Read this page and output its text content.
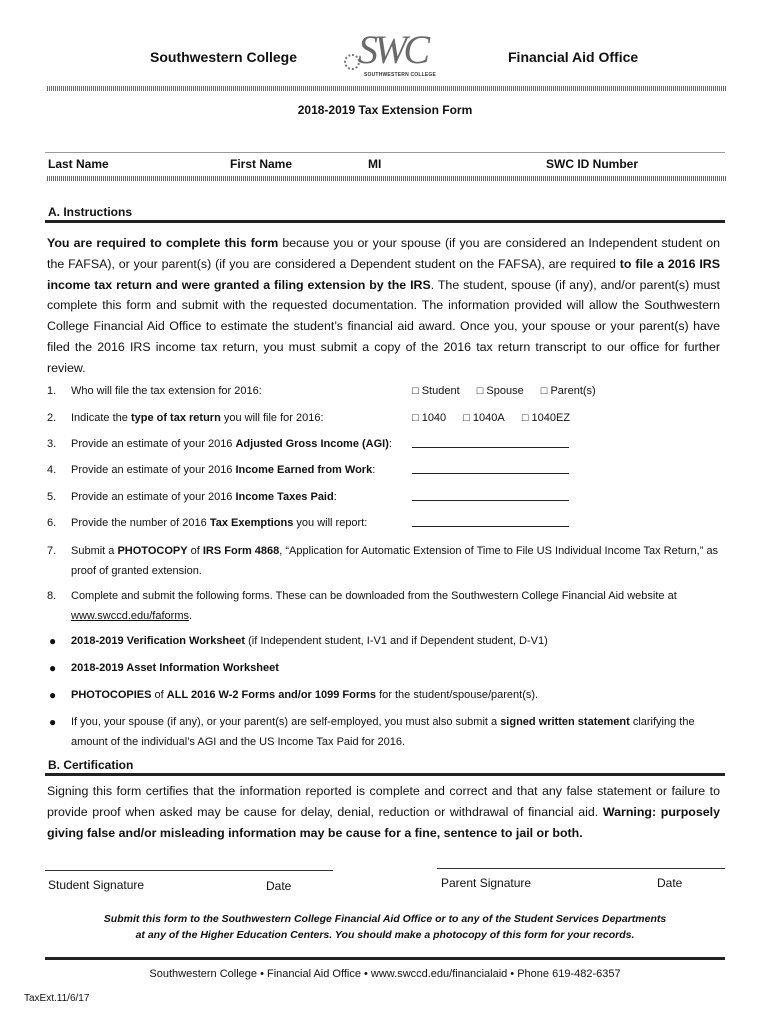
Southwestern College SWC
SOUTHWESTERN COLLEGE
Financial Aid Office
2018-2019 Tax Extension Form
Last Name	First Name	MI	SWC ID Number
A. Instructions
You are required to complete this form because you or your spouse (if you are considered an Independent student on the FAFSA), or your parent(s) (if you are considered a Dependent student on the FAFSA), are required to file a 2016 IRS income tax return and were granted a filing extension by the IRS. The student, spouse (if any), and/or parent(s) must complete this form and submit with the requested documentation. The information provided will allow the Southwestern College Financial Aid Office to estimate the student’s financial aid award. Once you, your spouse or your parent(s) have filed the 2016 IRS income tax return, you must submit a copy of the 2016 tax return transcript to our office for further review.
1. Who will file the tax extension for 2016:	□ Student □ Spouse □ Parent(s)
2. Indicate the type of tax return you will file for 2016:	□ 1040 □ 1040A □ 1040EZ
3. Provide an estimate of your 2016 Adjusted Gross Income (AGI):
4. Provide an estimate of your 2016 Income Earned from Work:
5. Provide an estimate of your 2016 Income Taxes Paid:
6. Provide the number of 2016 Tax Exemptions you will report:
7. Submit a PHOTOCOPY of IRS Form 4868, “Application for Automatic Extension of Time to File US Individual Income Tax Return,” as proof of granted extension.
8. Complete and submit the following forms. These can be downloaded from the Southwestern College Financial Aid website at www.swccd.edu/faforms.
● 2018-2019 Verification Worksheet (if Independent student, I-V1 and if Dependent student, D-V1)
● 2018-2019 Asset Information Worksheet
● PHOTOCOPIES of ALL 2016 W-2 Forms and/or 1099 Forms for the student/spouse/parent(s).
● If you, your spouse (if any), or your parent(s) are self-employed, you must also submit a signed written statement clarifying the amount of the individual’s AGI and the US Income Tax Paid for 2016.
B. Certification
Signing this form certifies that the information reported is complete and correct and that any false statement or failure to provide proof when asked may be cause for delay, denial, reduction or withdrawal of financial aid. Warning: purposely giving false and/or misleading information may be cause for a fine, sentence to jail or both.
Student Signature	Date	Parent Signature	Date
Submit this form to the Southwestern College Financial Aid Office or to any of the Student Services Departments
at any of the Higher Education Centers. You should make a photocopy of this form for your records.
Southwestern College • Financial Aid Office • www.swccd.edu/financialaid • Phone 619-482-6357
TaxExt.11/6/17
